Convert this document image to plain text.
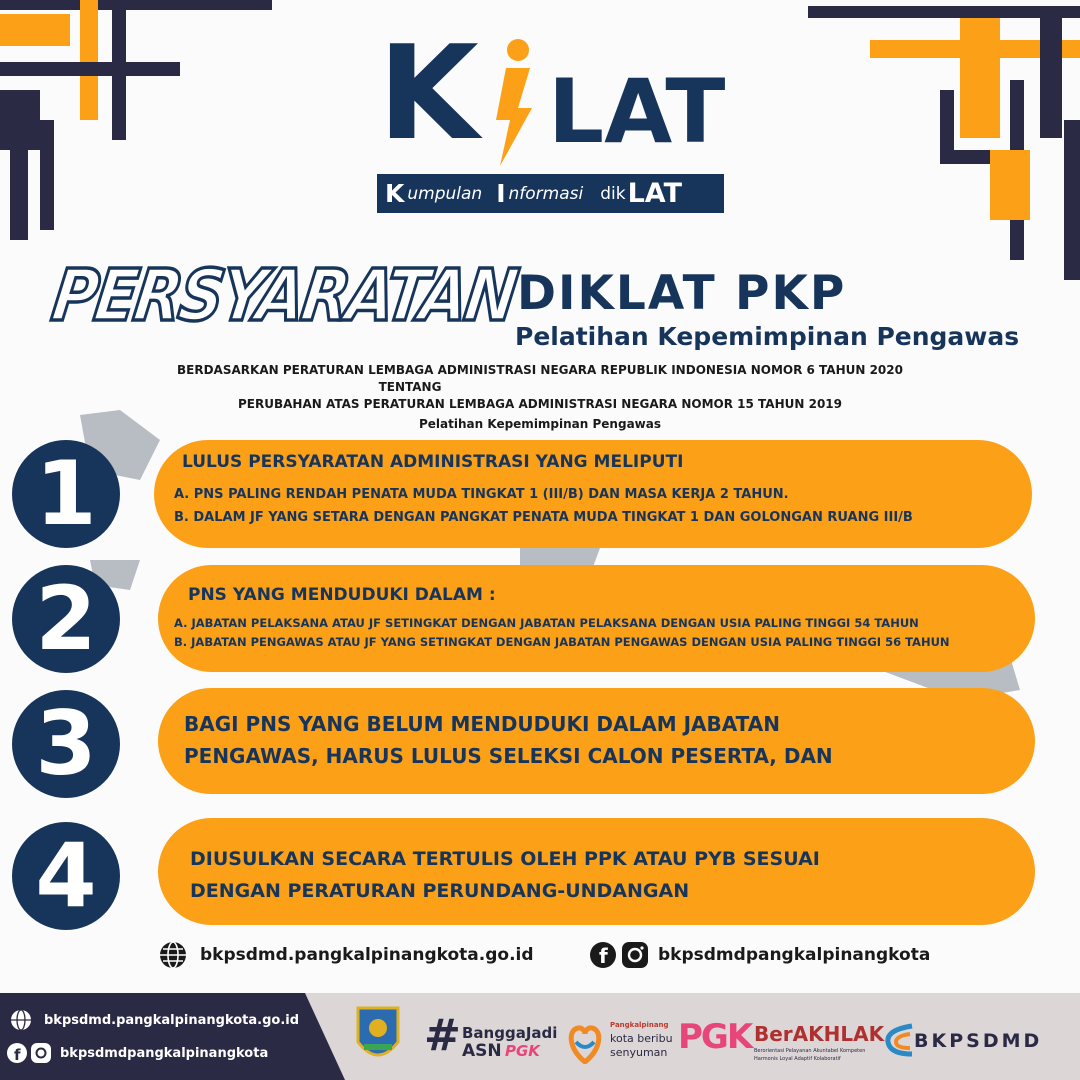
K LAT
K umpulan I nformasi dik LAT
PERSYARATAN
DIKLAT PKP
Pelatihan Kepemimpinan Pengawas
BERDASARKAN PERATURAN LEMBAGA ADMINISTRASI NEGARA REPUBLIK INDONESIA NOMOR 6 TAHUN 2020
TENTANG
PERUBAHAN ATAS PERATURAN LEMBAGA ADMINISTRASI NEGARA NOMOR 15 TAHUN 2019
Pelatihan Kepemimpinan Pengawas
1	LULUS PERSYARATAN ADMINISTRASI YANG MELIPUTI
A. PNS PALING RENDAH PENATA MUDA TINGKAT 1 (III/B) DAN MASA KERJA 2 TAHUN.
B. DALAM JF YANG SETARA DENGAN PANGKAT PENATA MUDA TINGKAT 1 DAN GOLONGAN RUANG III/B
2	PNS YANG MENDUDUKI DALAM :
A. JABATAN PELAKSANA ATAU JF SETINGKAT DENGAN JABATAN PELAKSANA DENGAN USIA PALING TINGGI 54 TAHUN
B. JABATAN PENGAWAS ATAU JF YANG SETINGKAT DENGAN JABATAN PENGAWAS DENGAN USIA PALING TINGGI 56 TAHUN
3	BAGI PNS YANG BELUM MENDUDUKI DALAM JABATAN
PENGAWAS, HARUS LULUS SELEKSI CALON PESERTA, DAN
4	DIUSULKAN SECARA TERTULIS OLEH PPK ATAU PYB SESUAI
DENGAN PERATURAN PERUNDANG-UNDANGAN
bkpsdmd.pangkalpinangkota.go.id	f	bkpsdmdpangkalpinangkota
bkpsdmd.pangkalpinangkota.go.id
f	bkpsdmdpangkalpinangkota	# BanggaJadi
ASN PGK
Pangkalpinang
kota beribu
senyuman PGK BerAKHLAK
Berorientasi Pelayanan Akuntabel Kompeten
Harmonis Loyal Adaptif Kolaboratif
BKPSDMD
